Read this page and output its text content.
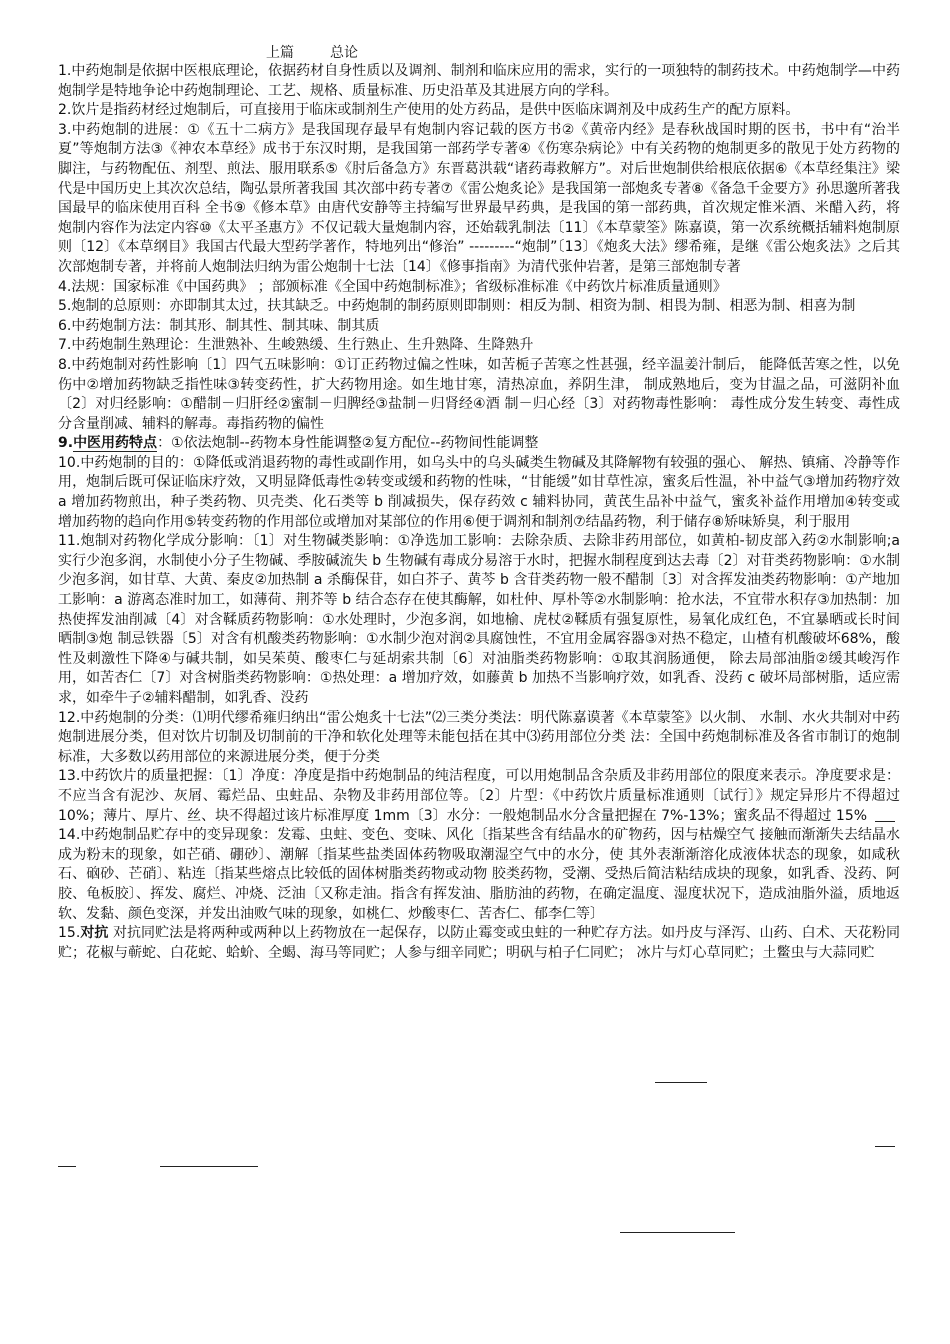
上篇	总论

1.中药炮制是依据中医根底理论，依据药材自身性质以及调剂、制剂和临床应用的需求，实行的一项独特的制药技术。中药炮制学—中药炮制学是特地争论中药炮制理论、工艺、规格、质量标准、历史沿革及其进展方向的学科。

2.饮片是指药材经过炮制后，可直接用于临床或制剂生产使用的处方药品，是供中医临床调剂及中成药生产的配方原料。

3.中药炮制的进展：①《五十二病方》是我国现存最早有炮制内容记载的医方书②《黄帝内经》是春秋战国时期的医书，书中有“治半夏”等炮制方法③《神农本草经》成书于东汉时期，是我国第一部药学专著④《伤寒杂病论》中有关药物的炮制更多的散见于处方药物的脚注，与药物配伍、剂型、煎法、服用联系⑤《肘后备急方》东晋葛洪载“诸药毒救解方”。对后世炮制供给根底依据⑥《本草经集注》梁代是中国历史上其次次总结，陶弘景所著我国 其次部中药专著⑦《雷公炮炙论》是我国第一部炮炙专著⑧《备急千金要方》孙思邈所著我国最早的临床使用百科 全书⑨《修本草》由唐代安静等主持编写世界最早药典，是我国的第一部药典，首次规定惟米酒、米醋入药，将 炮制内容作为法定内容⑩《太平圣惠方》不仅记载大量炮制内容，还始载乳制法〔11〕《本草蒙筌》陈嘉谟，第一次系统概括辅料炮制原则〔12〕《本草纲目》我国古代最大型药学著作，特地列出“修治” ---------“炮制”〔13〕《炮炙大法》缪希雍，是继《雷公炮炙法》之后其次部炮制专著，并将前人炮制法归纳为雷公炮制十七法〔14〕《修事指南》为清代张仲岩著，是第三部炮制专著

4.法规：国家标准《中国药典》 ；部颁标准《全国中药炮制标准》；省级标准标准《中药饮片标准质量通则》

5.炮制的总原则：亦即制其太过，扶其缺乏。中药炮制的制药原则即制则：相反为制、相资为制、相畏为制、相恶为制、相喜为制

6.中药炮制方法：制其形、制其性、制其味、制其质

7.中药炮制生熟理论：生泄熟补、生峻熟缓、生行熟止、生升熟降、生降熟升

8.中药炮制对药性影响〔1〕四气五味影响：①订正药物过偏之性味，如苦栀子苦寒之性甚强，经辛温姜汁制后， 能降低苦寒之性，以免伤中②增加药物缺乏指性味③转变药性，扩大药物用途。如生地甘寒，清热凉血，养阴生津， 制成熟地后，变为甘温之品，可滋阴补血〔2〕对归经影响：①醋制－归肝经②蜜制－归脾经③盐制－归肾经④酒 制－归心经〔3〕对药物毒性影响： 毒性成分发生转变、毒性成分含量削减、辅料的解毒。毒指药物的偏性

9.中医用药特点：①依法炮制--药物本身性能调整②复方配位--药物间性能调整

10.中药炮制的目的：①降低或消退药物的毒性或副作用，如乌头中的乌头碱类生物碱及其降解物有较强的强心、 解热、镇痛、冷静等作用，炮制后既可保证临床疗效，又明显降低毒性②转变或缓和药物的性味，“甘能缓”如甘草性凉，蜜炙后性温，补中益气③增加药物疗效 a 增加药物煎出，种子类药物、贝壳类、化石类等 b 削减损失，保存药效 c 辅料协同，黄芪生品补中益气，蜜炙补益作用增加④转变或增加药物的趋向作用⑤转变药物的作用部位或增加对某部位的作用⑥便于调剂和制剂⑦结晶药物，利于储存⑧矫味矫臭，利于服用

11.炮制对药物化学成分影响：〔1〕对生物碱类影响：①净选加工影响：去除杂质、去除非药用部位，如黄柏-韧皮部入药②水制影响;a 实行少泡多润，水制使小分子生物碱、季胺碱流失 b 生物碱有毒成分易溶于水时，把握水制程度到达去毒〔2〕对苷类药物影响：①水制少泡多润，如甘草、大黄、秦皮②加热制 a 杀酶保苷，如白芥子、黄芩 b 含苷类药物一般不醋制〔3〕对含挥发油类药物影响：①产地加工影响：a 游离态准时加工，如薄荷、荆芥等 b 结合态存在使其酶解，如杜仲、厚朴等②水制影响：抢水法，不宜带水积存③加热制：加热使挥发油削减〔4〕对含鞣质药物影响：①水处理时，少泡多润，如地榆、虎杖②鞣质有强复原性，易氧化成红色，不宜暴晒或长时间晒制③炮 制忌铁器〔5〕对含有机酸类药物影响：①水制少泡对润②具腐蚀性，不宜用金属容器③对热不稳定，山楂有机酸破坏68%，酸性及刺激性下降④与碱共制，如吴茱萸、酸枣仁与延胡索共制〔6〕对油脂类药物影响：①取其润肠通便， 除去局部油脂②缓其峻泻作用，如苦杏仁〔7〕对含树脂类药物影响：①热处理：a 增加疗效，如藤黄 b 加热不当影响疗效，如乳香、没药 c 破坏局部树脂，适应需求，如牵牛子②辅料醋制，如乳香、没药

12.中药炮制的分类：⑴明代缪希雍归纳出“雷公炮炙十七法”⑵三类分类法：明代陈嘉谟著《本草蒙筌》以火制、 水制、水火共制对中药炮制进展分类，但对饮片切制及切制前的干净和软化处理等未能包括在其中⑶药用部位分类 法：全国中药炮制标准及各省市制订的炮制标准，大多数以药用部位的来源进展分类，便于分类

13.中药饮片的质量把握：〔1〕净度：净度是指中药炮制品的纯洁程度，可以用炮制品含杂质及非药用部位的限度来表示。净度要求是：不应当含有泥沙、灰屑、霉烂品、虫蛀品、杂物及非药用部位等。〔2〕片型：《中药饮片质量标准通则〔试行〕》规定异形片不得超过 10%；薄片、厚片、丝、块不得超过该片标准厚度 1mm〔3〕水分：一般炮制品水分含量把握在 7%-13%；蜜炙品不得超过 15%

14.中药炮制品贮存中的变异现象：发霉、虫蛀、变色、变味、风化〔指某些含有结晶水的矿物药，因与枯燥空气 接触而渐渐失去结晶水成为粉末的现象，如芒硝、硼砂〕、潮解〔指某些盐类固体药物吸取潮湿空气中的水分，使 其外表渐渐溶化成液体状态的现象，如咸秋石、硇砂、芒硝〕、粘连〔指某些熔点比较低的固体树脂类药物或动物 胶类药物，受潮、受热后简洁粘结成块的现象，如乳香、没药、阿胶、龟板胶〕、挥发、腐烂、冲烧、泛油〔又称走油。指含有挥发油、脂肪油的药物，在确定温度、湿度状况下，造成油脂外溢，质地返软、发黏、颜色变深，并发出油败气味的现象，如桃仁、炒酸枣仁、苦杏仁、郁李仁等〕

15.对抗 对抗同贮法是将两种或两种以上药物放在一起保存，以防止霉变或虫蛀的一种贮存方法。如丹皮与泽泻、山药、白术、天花粉同贮；花椒与蕲蛇、白花蛇、蛤蚧、全蝎、海马等同贮；人参与细辛同贮；明矾与柏子仁同贮； 冰片与灯心草同贮；土鳖虫与大蒜同贮
